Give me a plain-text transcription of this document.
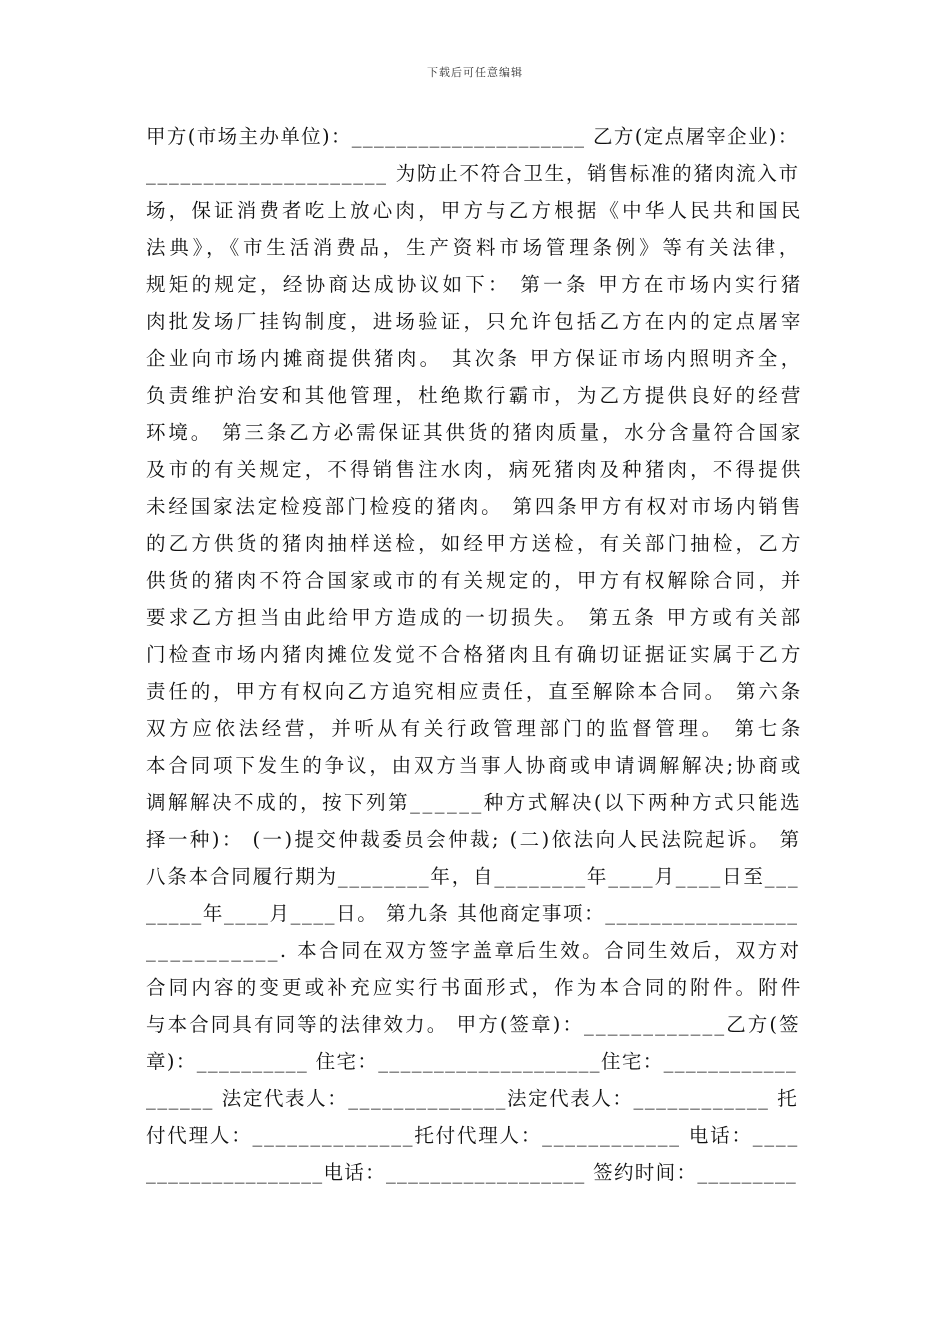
下载后可任意编辑
甲方(市场主办单位)：_____________________ 乙方(定点屠宰企业)：
_____________________ 为防止不符合卫生，销售标准的猪肉流入市
场，保证消费者吃上放心肉，甲方与乙方根据《中华人民共和国民
法典》，《市生活消费品，生产资料市场管理条例》等有关法律，
规矩的规定，经协商达成协议如下： 第一条 甲方在市场内实行猪
肉批发场厂挂钩制度，进场验证，只允许包括乙方在内的定点屠宰
企业向市场内摊商提供猪肉。 其次条 甲方保证市场内照明齐全，
负责维护治安和其他管理，杜绝欺行霸市，为乙方提供良好的经营
环境。 第三条乙方必需保证其供货的猪肉质量，水分含量符合国家
及市的有关规定，不得销售注水肉，病死猪肉及种猪肉，不得提供
未经国家法定检疫部门检疫的猪肉。 第四条甲方有权对市场内销售
的乙方供货的猪肉抽样送检，如经甲方送检，有关部门抽检，乙方
供货的猪肉不符合国家或市的有关规定的，甲方有权解除合同，并
要求乙方担当由此给甲方造成的一切损失。 第五条 甲方或有关部
门检查市场内猪肉摊位发觉不合格猪肉且有确切证据证实属于乙方
责任的，甲方有权向乙方追究相应责任，直至解除本合同。 第六条
双方应依法经营，并听从有关行政管理部门的监督管理。 第七条
本合同项下发生的争议，由双方当事人协商或申请调解解决;协商或
调解解决不成的，按下列第______种方式解决(以下两种方式只能选
择一种)： (一)提交仲裁委员会仲裁; (二)依法向人民法院起诉。 第
八条本合同履行期为________年，自________年____月____日至___
_____年____月____日。 第九条 其他商定事项：_________________
___________. 本合同在双方签字盖章后生效。合同生效后，双方对
合同内容的变更或补充应实行书面形式，作为本合同的附件。附件
与本合同具有同等的法律效力。 甲方(签章)：____________乙方(签
章)：__________ 住宅：____________________住宅：____________
______ 法定代表人：______________法定代表人：____________ 托
付代理人：______________托付代理人：____________ 电话：____
________________电话：__________________ 签约时间：_________
